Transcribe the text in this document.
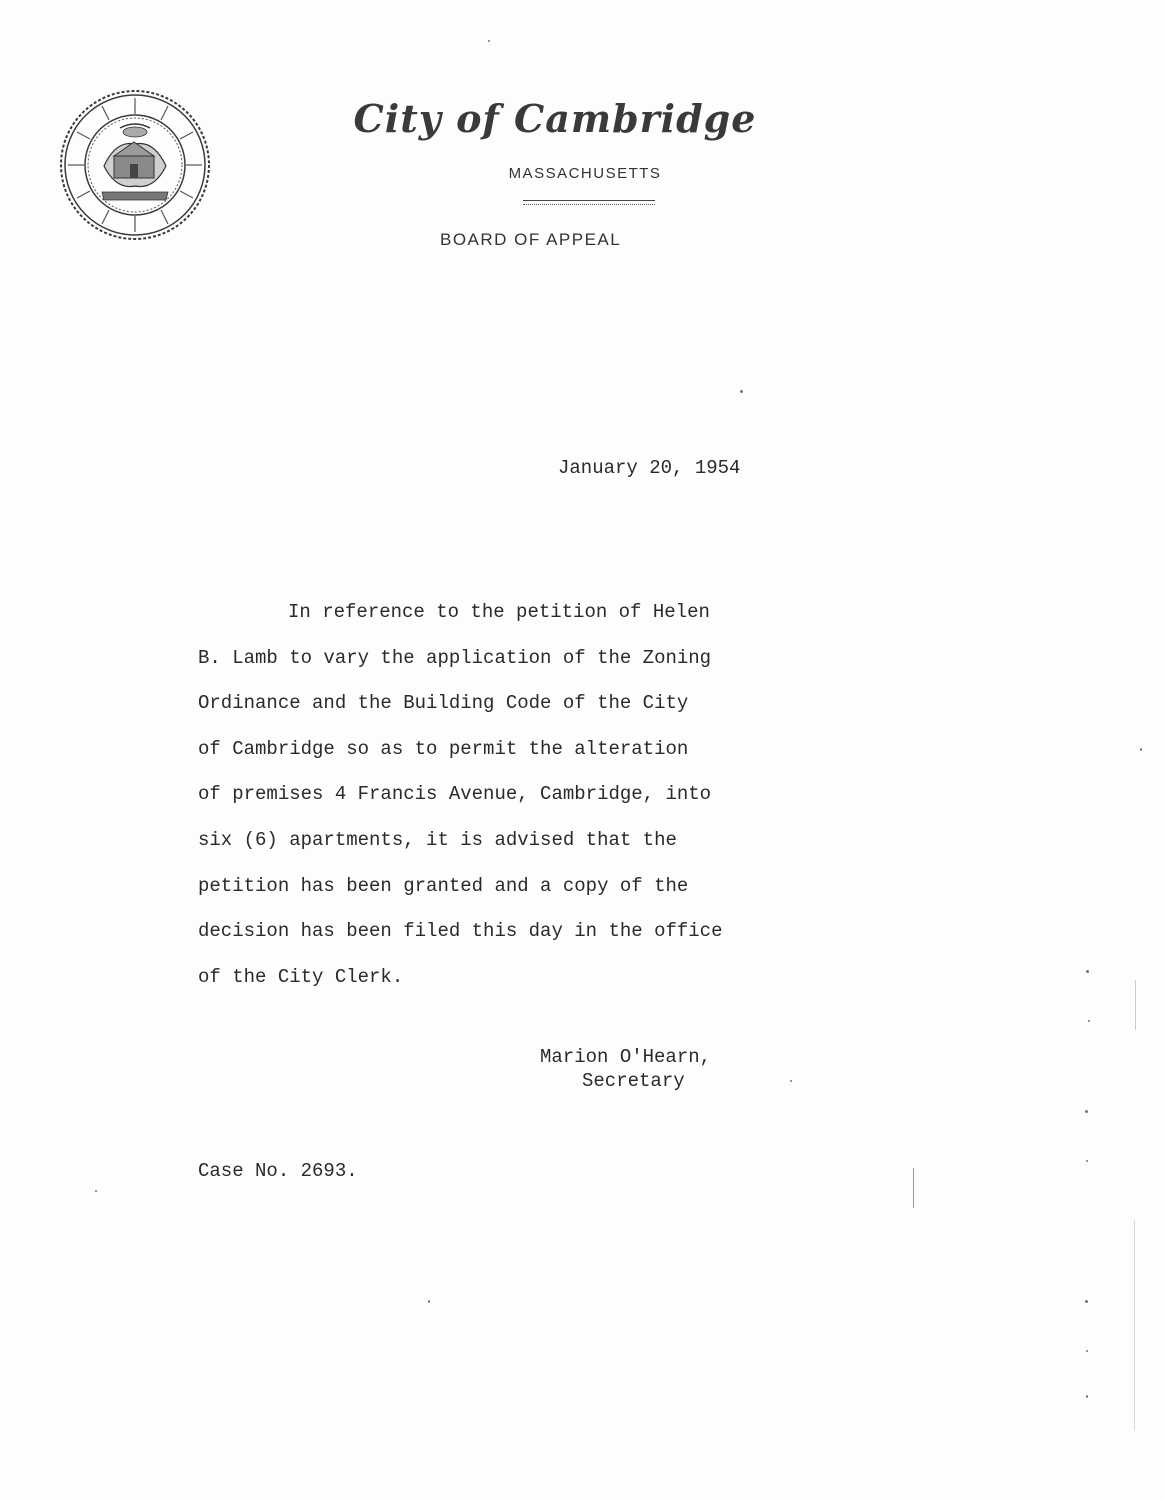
City of Cambridge
MASSACHUSETTS
BOARD OF APPEAL
January 20, 1954
In reference to the petition of Helen
B. Lamb to vary the application of the Zoning
Ordinance and the Building Code of the City
of Cambridge so as to permit the alteration
of premises 4 Francis Avenue, Cambridge, into
six (6) apartments, it is advised that the
petition has been granted and a copy of the
decision has been filed this day in the office
of the City Clerk.
Marion O'Hearn,

Secretary
Case No. 2693.
